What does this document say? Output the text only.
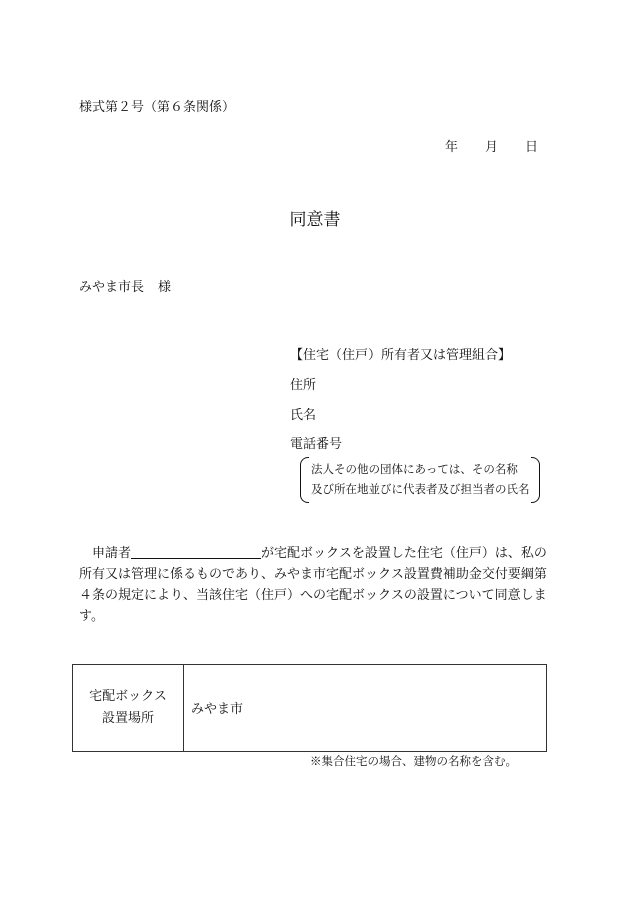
様式第２号（第６条関係）
年 月 日
同意書
みやま市長 様
【住宅（住戸）所有者又は管理組合】
住所
氏名
電話番号
法人その他の団体にあっては、その名称
及び所在地並びに代表者及び担当者の氏名
申請者	が宅配ボックスを設置した住宅（住戸）は、私の所有又は管理に係るものであり、みやま市宅配ボックス設置費補助金交付要綱第４条の規定により、当該住宅（住戸）への宅配ボックスの設置について同意します。
宅配ボックス
設置場所
みやま市
※集合住宅の場合、建物の名称を含む。
